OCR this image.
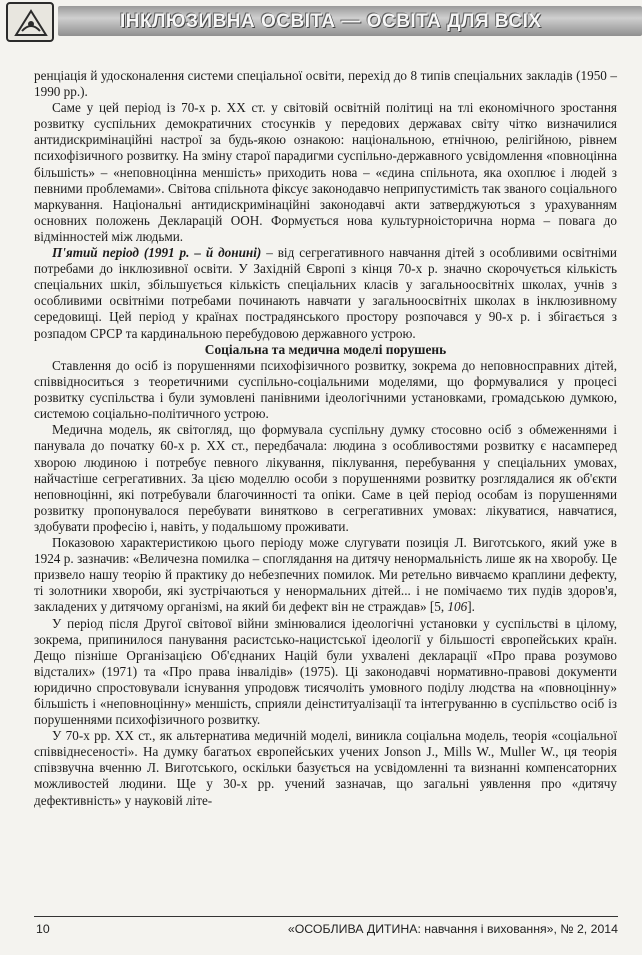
ІНКЛЮЗИВНА ОСВІТА — ОСВІТА ДЛЯ ВСІХ

ренціація й удосконалення системи спеціальної освіти, перехід до 8 типів спеціальних закладів (1950 – 1990 рр.).

Саме у цей період із 70-х р. XX ст. у світовій освітній політиці на тлі економічного зростання розвитку суспільних демократичних стосунків у передових державах світу чітко визначилися антидискримінаційні настрої за будь-якою ознакою: національною, етнічною, релігійною, рівнем психофізичного розвитку. На зміну старої парадигми суспільно-державного усвідомлення «повноцінна більшість» – «неповноцінна меншість» приходить нова – «єдина спільнота, яка охоплює і людей з певними проблемами». Світова спільнота фіксує законодавчо неприпустимість так званого соціального маркування. Національні антидискримінаційні законодавчі акти затверджуються з урахуванням основних положень Декларацій ООН. Формується нова культурноісторична норма – повага до відмінностей між людьми.

П'ятий період (1991 р. – й донині) – від сегрегативного навчання дітей з особливими освітніми потребами до інклюзивної освіти. У Західній Європі з кінця 70-х р. значно скорочується кількість спеціальних шкіл, збільшується кількість спеціальних класів у загальноосвітніх школах, учнів з особливими освітніми потребами починають навчати у загальноосвітніх школах в інклюзивному середовищі. Цей період у країнах пострадянського простору розпочався у 90-х р. і збігається з розпадом СРСР та кардинальною перебудовою державного устрою.

Соціальна та медична моделі порушень

Ставлення до осіб із порушеннями психофізичного розвитку, зокрема до неповносправних дітей, співвідноситься з теоретичними суспільно-соціальними моделями, що формувалися у процесі розвитку суспільства і були зумовлені панівними ідеологічними установками, громадською думкою, системою соціально-політичного устрою.

Медична модель, як світогляд, що формувала суспільну думку стосовно осіб з обмеженнями і панувала до початку 60-х р. XX ст., передбачала: людина з особливостями розвитку є насамперед хворою людиною і потребує певного лікування, піклування, перебування у спеціальних умовах, найчастіше сегрегативних. За цією моделлю особи з порушеннями розвитку розглядалися як об'єкти неповноцінні, які потребували благочинності та опіки. Саме в цей період особам із порушеннями розвитку пропонувалося перебувати винятково в сегрегативних умовах: лікуватися, навчатися, здобувати професію і, навіть, у подальшому проживати.

Показовою характеристикою цього періоду може слугувати позиція Л. Виготського, який уже в 1924 р. зазначив: «Величезна помилка – споглядання на дитячу ненормальність лише як на хворобу. Це призвело нашу теорію й практику до небезпечних помилок. Ми ретельно вивчаємо краплини дефекту, ті золотники хвороби, які зустрічаються у ненормальних дітей... і не помічаємо тих пудів здоров'я, закладених у дитячому організмі, на який би дефект він не страждав» [5, 106].

У період після Другої світової війни змінювалися ідеологічні установки у суспільстві в цілому, зокрема, припинилося панування расистсько-нацистської ідеології у більшості європейських країн. Дещо пізніше Організацією Об'єднаних Націй були ухвалені декларації «Про права розумово відсталих» (1971) та «Про права інвалідів» (1975). Ці законодавчі нормативно-правові документи юридично спростовували існування упродовж тисячоліть умовного поділу людства на «повноцінну» більшість і «неповноцінну» меншість, сприяли деінституалізації та інтегруванню в суспільство осіб із порушеннями психофізичного розвитку.

У 70-х рр. XX ст., як альтернатива медичній моделі, виникла соціальна модель, теорія «соціальної співвіднесеності». На думку багатьох європейських учених Jonson J., Mills W., Muller W., ця теорія співзвучна вченню Л. Виготського, оскільки базується на усвідомленні та визнанні компенсаторних можливостей людини. Ще у 30-х рр. учений зазначав, що загальні уявлення про «дитячу дефективність» у науковій літе-

10	«ОСОБЛИВА ДИТИНА: навчання і виховання», № 2, 2014
